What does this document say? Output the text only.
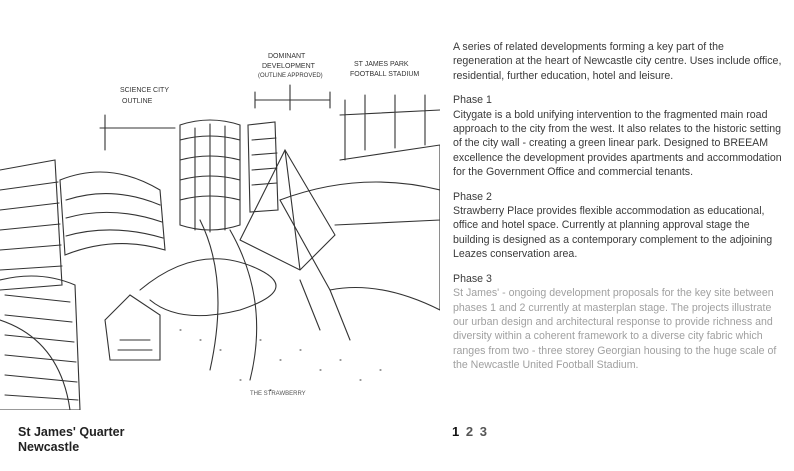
SCIENCE CITY
OUTLINE
DOMINANT
DEVELOPMENT
(OUTLINE APPROVED)
ST JAMES PARK
FOOTBALL STADIUM
THE STRAWBERRY

A series of related developments forming a key part of the regeneration at the heart of Newcastle city centre. Uses include office, residential, further education, hotel and leisure.

Phase 1

Citygate is a bold unifying intervention to the fragmented main road approach to the city from the west. It also relates to the historic setting of the city wall - creating a green linear park. Designed to BREEAM excellence the development provides apartments and accommodation for the Government Office and commercial tenants.

Phase 2

Strawberry Place provides flexible accommodation as educational, office and hotel space. Currently at planning approval stage the building is designed as a contemporary complement to the adjoining Leazes conservation area.

Phase 3

St James' - ongoing development proposals for the key site between phases 1 and 2 currently at masterplan stage. The projects illustrate our urban design and architectural response to provide richness and diversity within a coherent framework to a diverse city fabric which ranges from two - three storey Georgian housing to the huge scale of the Newcastle United Football Stadium.

St James' Quarter
Newcastle
1 2 3
